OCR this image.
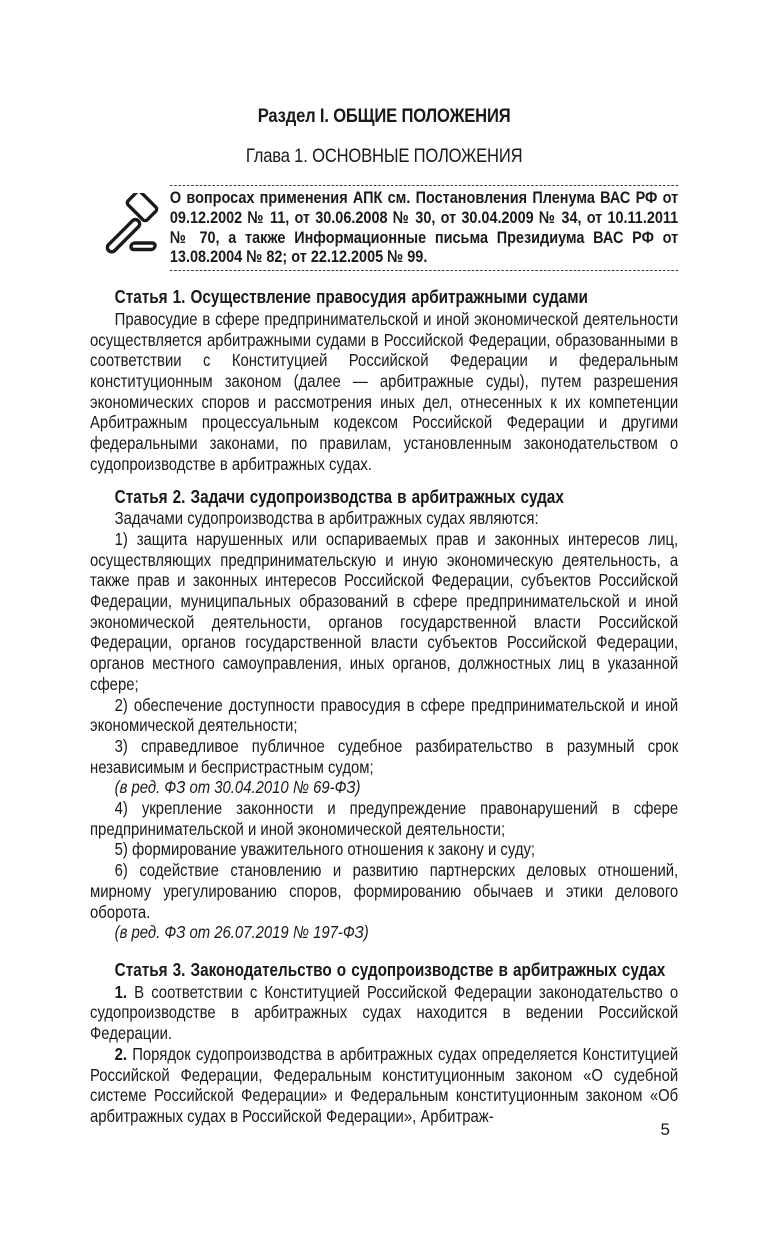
Раздел I. ОБЩИЕ ПОЛОЖЕНИЯ
Глава 1. ОСНОВНЫЕ ПОЛОЖЕНИЯ
О вопросах применения АПК см. Постановления Пленума ВАС РФ от 09.12.2002 № 11, от 30.06.2008 № 30, от 30.04.2009 № 34, от 10.11.2011 № 70, а также Информационные письма Президиума ВАС РФ от 13.08.2004 № 82; от 22.12.2005 № 99.

Статья 1. Осуществление правосудия арбитражными судами

Правосудие в сфере предпринимательской и иной экономической деятельности осуществляется арбитражными судами в Российской Федерации, образованными в соответствии с Конституцией Российской Федерации и федеральным конституционным законом (далее — арбитражные суды), путем разрешения экономических споров и рассмотрения иных дел, отнесенных к их компетенции Арбитражным процессуальным кодексом Российской Федерации и другими федеральными законами, по правилам, установленным законодательством о судопроизводстве в арбитражных судах.

Статья 2. Задачи судопроизводства в арбитражных судах

Задачами судопроизводства в арбитражных судах являются:

1) защита нарушенных или оспариваемых прав и законных интересов лиц, осуществляющих предпринимательскую и иную экономическую деятельность, а также прав и законных интересов Российской Федерации, субъектов Российской Федерации, муниципальных образований в сфере предпринимательской и иной экономической деятельности, органов государственной власти Российской Федерации, органов государственной власти субъектов Российской Федерации, органов местного самоуправления, иных органов, должностных лиц в указанной сфере;

2) обеспечение доступности правосудия в сфере предпринимательской и иной экономической деятельности;

3) справедливое публичное судебное разбирательство в разумный срок независимым и беспристрастным судом;

(в ред. ФЗ от 30.04.2010 № 69-ФЗ)

4) укрепление законности и предупреждение правонарушений в сфере предпринимательской и иной экономической деятельности;

5) формирование уважительного отношения к закону и суду;

6) содействие становлению и развитию партнерских деловых отношений, мирному урегулированию споров, формированию обычаев и этики делового оборота.

(в ред. ФЗ от 26.07.2019 № 197-ФЗ)

Статья 3. Законодательство о судопроизводстве в арбитражных судах

1. В соответствии с Конституцией Российской Федерации законодательство о судопроизводстве в арбитражных судах находится в ведении Российской Федерации.

2. Порядок судопроизводства в арбитражных судах определяется Конституцией Российской Федерации, Федеральным конституционным законом «О судебной системе Российской Федерации» и Федеральным конституционным законом «Об арбитражных судах в Российской Федерации», Арбитраж-

5
